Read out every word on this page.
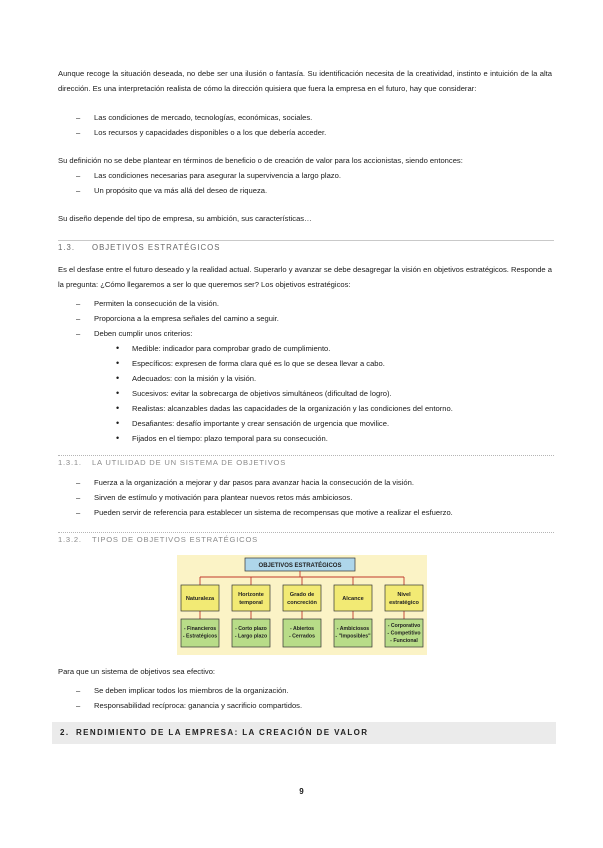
Aunque recoge la situación deseada, no debe ser una ilusión o fantasía. Su identificación necesita de la creatividad, instinto e intuición de la alta dirección. Es una interpretación realista de cómo la dirección quisiera que fuera la empresa en el futuro, hay que considerar:

– Las condiciones de mercado, tecnologías, económicas, sociales.
– Los recursos y capacidades disponibles o a los que debería acceder.

Su definición no se debe plantear en términos de beneficio o de creación de valor para los accionistas, siendo entonces:

– Las condiciones necesarias para asegurar la supervivencia a largo plazo.
– Un propósito que va más allá del deseo de riqueza.

Su diseño depende del tipo de empresa, su ambición, sus características…

1.3. OBJETIVOS ESTRATÉGICOS

Es el desfase entre el futuro deseado y la realidad actual. Superarlo y avanzar se debe desagregar la visión en objetivos estratégicos. Responde a la pregunta: ¿Cómo llegaremos a ser lo que queremos ser? Los objetivos estratégicos:

– Permiten la consecución de la visión.
– Proporciona a la empresa señales del camino a seguir.
– Deben cumplir unos criterios:
• Medible: indicador para comprobar grado de cumplimiento.
• Específicos: expresen de forma clara qué es lo que se desea llevar a cabo.
• Adecuados: con la misión y la visión.
• Sucesivos: evitar la sobrecarga de objetivos simultáneos (dificultad de logro).
• Realistas: alcanzables dadas las capacidades de la organización y las condiciones del entorno.
• Desafiantes: desafío importante y crear sensación de urgencia que movilice.
• Fijados en el tiempo: plazo temporal para su consecución.
1.3.1. LA UTILIDAD DE UN SISTEMA DE OBJETIVOS
– Fuerza a la organización a mejorar y dar pasos para avanzar hacia la consecución de la visión.
– Sirven de estímulo y motivación para plantear nuevos retos más ambiciosos.
– Pueden servir de referencia para establecer un sistema de recompensas que motive a realizar el esfuerzo.
1.3.2. TIPOS DE OBJETIVOS ESTRATÉGICOS
OBJETIVOS ESTRATÉGICOS
Naturaleza
Horizonte
temporal
Grado de
concreción
Alcance
Nivel
estratégico
- Financieros
- Estratégicos
- Corto plazo
- Largo plazo
- Abiertos
- Cerrados
- Ambiciosos
- "Imposibles"
- Corporativo
- Competitivo
- Funcional

Para que un sistema de objetivos sea efectivo:

– Se deben implicar todos los miembros de la organización.
– Responsabilidad recíproca: ganancia y sacrificio compartidos.
2. RENDIMIENTO DE LA EMPRESA: LA CREACIÓN DE VALOR
9
